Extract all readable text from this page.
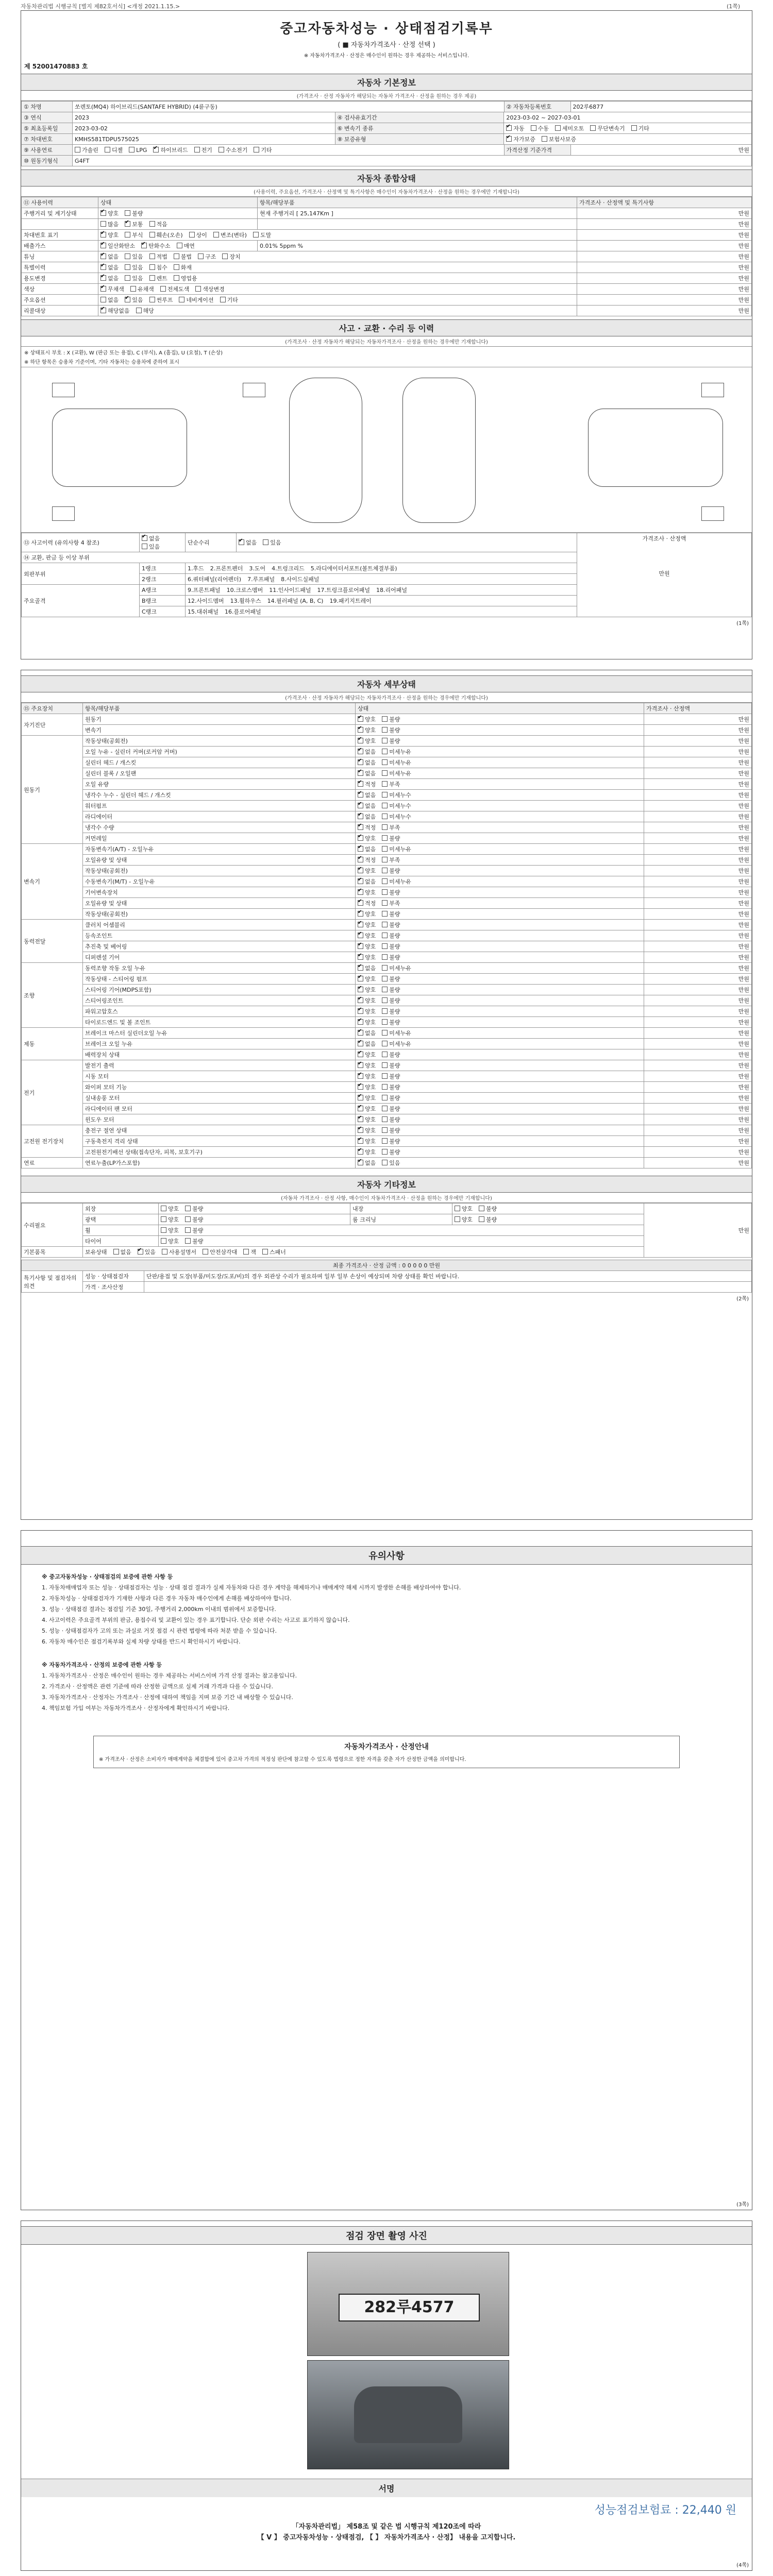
자동차관리법 시행규칙 [별지 제82호서식] <개정 2021.1.15.>	(1쪽)
중고자동차성능 · 상태점검기록부
( ■ 자동차가격조사 · 산정 선택 )
※ 자동차가격조사 · 산정은 매수인이 원하는 경우 제공하는 서비스입니다.
제 52001470883 호
자동차 기본정보
(가격조사 · 산정 자동차가 해당되는 자동차 가격조사 · 산정을 원하는 경우 제공)
① 차명	쏘렌토(MQ4) 하이브리드(SANTAFE HYBRID) (4륜구동)		② 자동차등록번호	202루6877
③ 연식	2023	④ 검사유효기간	2023-03-02 ~ 2027-03-01	
⑤ 최초등록일	2023-03-02	⑥ 변속기 종류	✔자동 수동 세미오토 무단변속기 기타
⑦ 차대번호	KMHS581TDPU575025	⑧ 보증유형	✔자가보증 보험사보증
⑨ 사용연료	가솔린 디젤 LPG ✔ 하이브리드 전기 수소전기 기타		가격산정 기준가격	만원
⑩ 원동기형식	G4FT			
자동차 종합상태
(사용이력, 주요옵션, 가격조사 · 산정액 및 특기사항은 매수인이 자동차가격조사 · 산정을 원하는 경우에만 기재합니다)
⑪ 사용이력	상태	항목/해당부품	가격조사 · 산정액 및 특기사항
주행거리 및 계기상태	✔양호 불량	현재 주행거리 [ 25,147Km ]	만원
	많음 ✔ 보통 적음		만원
차대번호 표기	✔양호 부식 훼손(오손) 상이 변조(변타) 도말		만원
배출가스	✔일산화탄소 ✔ 탄화수소 매연	0.01% 5ppm %	만원
튜닝	✔없음 있음 적법 불법 구조 장치		만원
특별이력	✔없음 있음 침수 화재		만원
용도변경	✔없음 있음 렌트 영업용		만원
색상	✔무채색 유채색 전체도색 색상변경		만원
주요옵션	없음 ✔ 있음 썬루프 네비게이션 기타		만원
리콜대상	✔해당없음 해당		만원
사고 · 교환 · 수리 등 이력
(가격조사 · 산정 자동차가 해당되는 자동차가격조사 · 산정을 원하는 경우에만 기재합니다)
※ 상태표시 부호 : X (교환), W (판금 또는 용접), C (부식), A (흠집), U (요철), T (손상)
※ 하단 항목은 승용차 기준이며, 기타 자동차는 승용차에 준하여 표시
⑬ 사고이력 (유의사항 4 참조)	✔없음있음	단순수리	✔없음 있음	가격조사 · 산정액

만원

⑭ 교환, 판금 등 이상 부위				
외판부위	1랭크	1.후드 2.프론트펜더 3.도어 4.트렁크리드 5.라디에이터서포트(볼트체결부품)		
	2랭크	6.쿼터패널(리어펜더) 7.루프패널 8.사이드실패널		
주요골격	A랭크	9.프론트패널 10.크로스멤버 11.인사이드패널 17.트렁크플로어패널 18.리어패널		
	B랭크	12.사이드멤버 13.휠하우스 14.필러패널 (A, B, C) 19.패키지트레이		
	C랭크	15.대쉬패널 16.플로어패널		
(1쪽)
자동차 세부상태
(가격조사 · 산정 자동차가 해당되는 자동차가격조사 · 산정을 원하는 경우에만 기재합니다)
⑮ 주요장치	항목/해당부품	상태	가격조사 · 산정액
자기진단	원동기	✔양호 불량	만원
	변속기	✔양호 불량	만원
원동기	작동상태(공회전)	✔양호 불량	만원
	오일 누유 - 실린더 커버(로커암 커버)	✔없음 미세누유	만원
	실린더 헤드 / 개스킷	✔없음 미세누유	만원
	실린더 블록 / 오일팬	✔없음 미세누유	만원
	오일 유량	✔적정 부족	만원
	냉각수 누수 - 실린더 헤드 / 개스킷	✔없음 미세누수	만원
	워터펌프	✔없음 미세누수	만원
	라디에이터	✔없음 미세누수	만원
	냉각수 수량	✔적정 부족	만원
	커먼레일	✔양호 불량	만원
변속기	자동변속기(A/T) - 오일누유	✔없음 미세누유	만원
	오일유량 및 상태	✔적정 부족	만원
	작동상태(공회전)	✔양호 불량	만원
	수동변속기(M/T) - 오일누유	✔없음 미세누유	만원
	기어변속장치	✔양호 불량	만원
	오일유량 및 상태	✔적정 부족	만원
	작동상태(공회전)	✔양호 불량	만원
동력전달	클러치 어셈블리	✔양호 불량	만원
	등속조인트	✔양호 불량	만원
	추진축 및 베어링	✔양호 불량	만원
	디퍼렌셜 기어	✔양호 불량	만원
조향	동력조향 작동 오일 누유	✔없음 미세누유	만원
	작동상태 - 스티어링 펌프	✔양호 불량	만원
	스티어링 기어(MDPS포함)	✔양호 불량	만원
	스티어링조인트	✔양호 불량	만원
	파워고압호스	✔양호 불량	만원
	타이로드엔드 및 볼 조인트	✔양호 불량	만원
제동	브레이크 마스터 실린더오일 누유	✔없음 미세누유	만원
	브레이크 오일 누유	✔없음 미세누유	만원
	배력장치 상태	✔양호 불량	만원
전기	발전기 출력	✔양호 불량	만원
	시동 모터	✔양호 불량	만원
	와이퍼 모터 기능	✔양호 불량	만원
	실내송풍 모터	✔양호 불량	만원
	라디에이터 팬 모터	✔양호 불량	만원
	윈도우 모터	✔양호 불량	만원
고전원 전기장치	충전구 절연 상태	✔양호 불량	만원
	구동축전지 격리 상태	✔양호 불량	만원
	고전원전기배선 상태(접속단자, 피복, 보호기구)	✔양호 불량	만원
연료	연료누출(LP가스포함)	✔없음 있음	만원
자동차 기타정보
(자동차 가격조사 · 산정 사항, 매수인이 자동차가격조사 · 산정을 원하는 경우에만 기재합니다)
수리필요	외장	양호 불량	내장	양호 불량	만원
	광택	양호 불량	룸 크리닝	양호 불량	
	휠	양호 불량			
	타이어	양호 불량			
기본품목	보유상태 없음 ✔ 있음 사용설명서 안전삼각대 잭 스패너
최종 가격조사 · 산정 금액 : 0 0 0 0 0 만원		
특기사항 및 점검자의 의견	성능 · 상태점검자	단판/용접 및 도장(부품/미도장/도포/비)의 경우 외관상 수리가 필요하며 일부 일부 손상이 예상되며 차량 상태를 확인 바랍니다.
	가격 · 조사산정	
(2쪽)
유의사항

※ 중고자동차성능 · 상태점검의 보증에 관한 사항 등

1. 자동차매매업자 또는 성능 · 상태점검자는 성능 · 상태 점검 결과가 실제 자동차와 다른 경우 계약을 해제하거나 매매계약 해제 시까지 발생한 손해를 배상하여야 합니다.

2. 자동차성능 · 상태점검자가 기재한 사항과 다른 경우 자동차 매수인에게 손해를 배상하여야 합니다.

3. 성능 · 상태점검 결과는 점검일 기준 30일, 주행거리 2,000km 이내의 범위에서 보증합니다.

4. 사고이력은 주요골격 부위의 판금, 용접수리 및 교환이 있는 경우 표기합니다. 단순 외판 수리는 사고로 표기하지 않습니다.

5. 성능 · 상태점검자가 고의 또는 과실로 거짓 점검 시 관련 법령에 따라 처분 받을 수 있습니다.

6. 자동차 매수인은 점검기록부와 실제 차량 상태를 반드시 확인하시기 바랍니다.

※ 자동차가격조사 · 산정의 보증에 관한 사항 등

1. 자동차가격조사 · 산정은 매수인이 원하는 경우 제공하는 서비스이며 가격 산정 결과는 참고용입니다.

2. 가격조사 · 산정액은 관련 기준에 따라 산정한 금액으로 실제 거래 가격과 다를 수 있습니다.

3. 자동차가격조사 · 산정자는 가격조사 · 산정에 대하여 책임을 지며 보증 기간 내 배상할 수 있습니다.

4. 책임보험 가입 여부는 자동차가격조사 · 산정자에게 확인하시기 바랍니다.

자동차가격조사 · 산정안내
※ 가격조사 · 산정은 소비자가 매매계약을 체결함에 있어 중고차 가격의 적정성 판단에 참고할 수 있도록 법령으로 정한 자격을 갖춘 자가 산정한 금액을 의미합니다.
(3쪽)
점검 장면 촬영 사진
282루4577
서명
성능점검보험료 : 22,440 원
「자동차관리법」 제58조 및 같은 법 시행규칙 제120조에 따라
【 V 】 중고자동차성능 · 상태점검, 【 】 자동차가격조사 · 산정】 내용을 고지합니다.
(4쪽)
